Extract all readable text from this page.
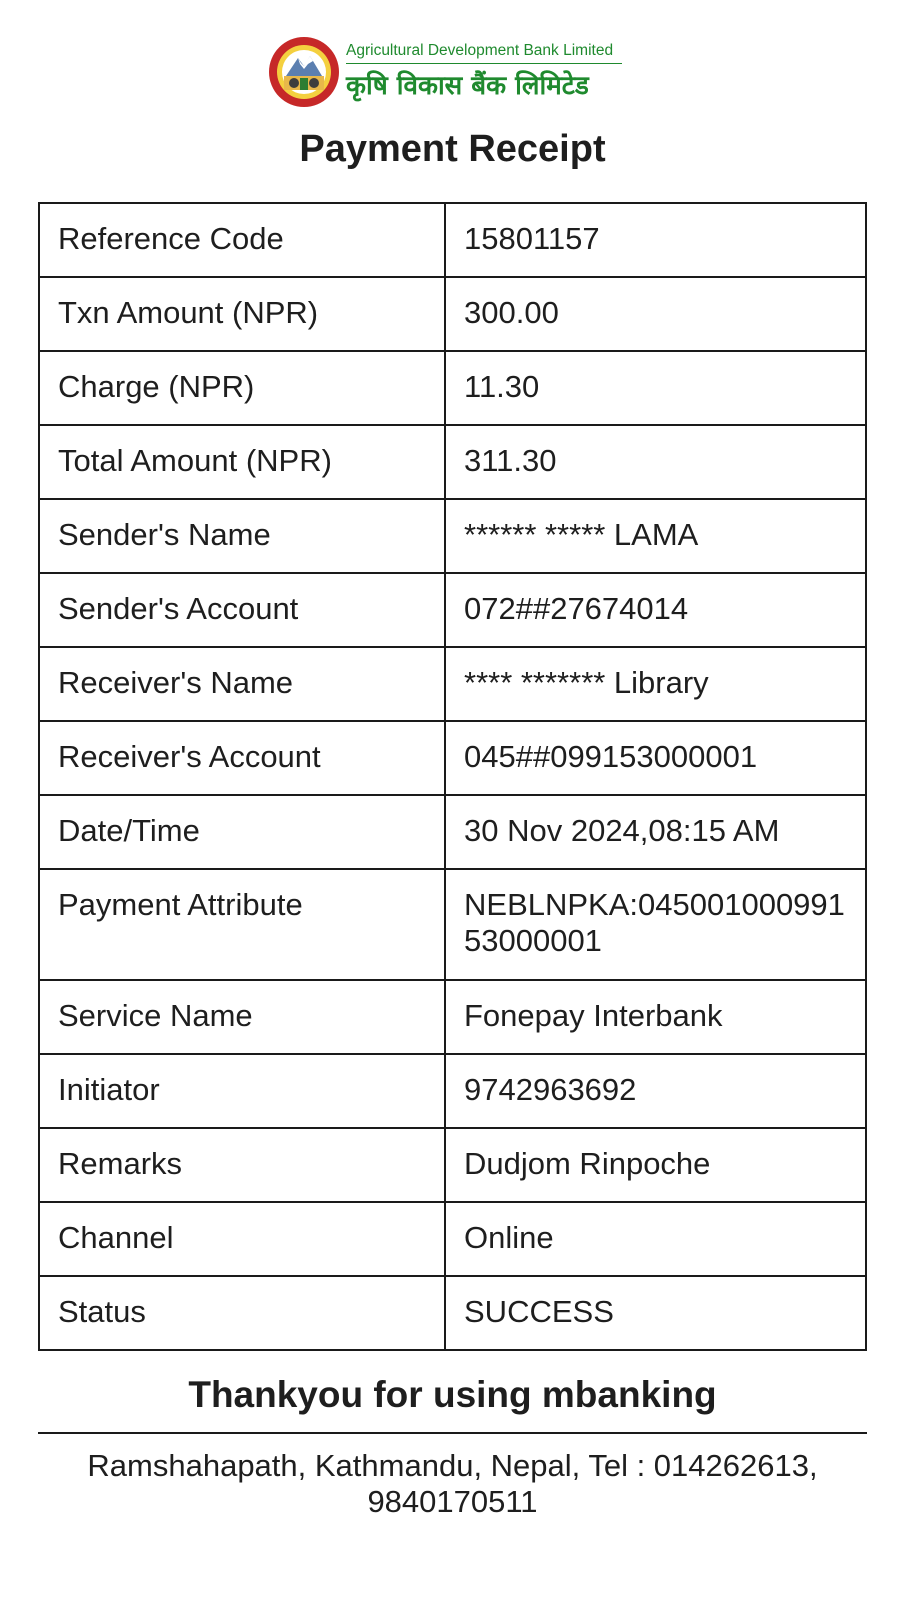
Agricultural Development Bank Limited
कृषि विकास बैंक लिमिटेड
Payment Receipt
Reference Code	15801157
Txn Amount (NPR)	300.00
Charge (NPR)	11.30
Total Amount (NPR)	311.30
Sender's Name	****** ***** LAMA
Sender's Account	072##27674014
Receiver's Name	**** ******* Library
Receiver's Account	045##099153000001
Date/Time	30 Nov 2024,08:15 AM
Payment Attribute	NEBLNPKA:04500100099153000001
Service Name	Fonepay Interbank
Initiator	9742963692
Remarks	Dudjom Rinpoche
Channel	Online
Status	SUCCESS
Thankyou for using mbanking
Ramshahapath, Kathmandu, Nepal, Tel : 014262613, 9840170511
